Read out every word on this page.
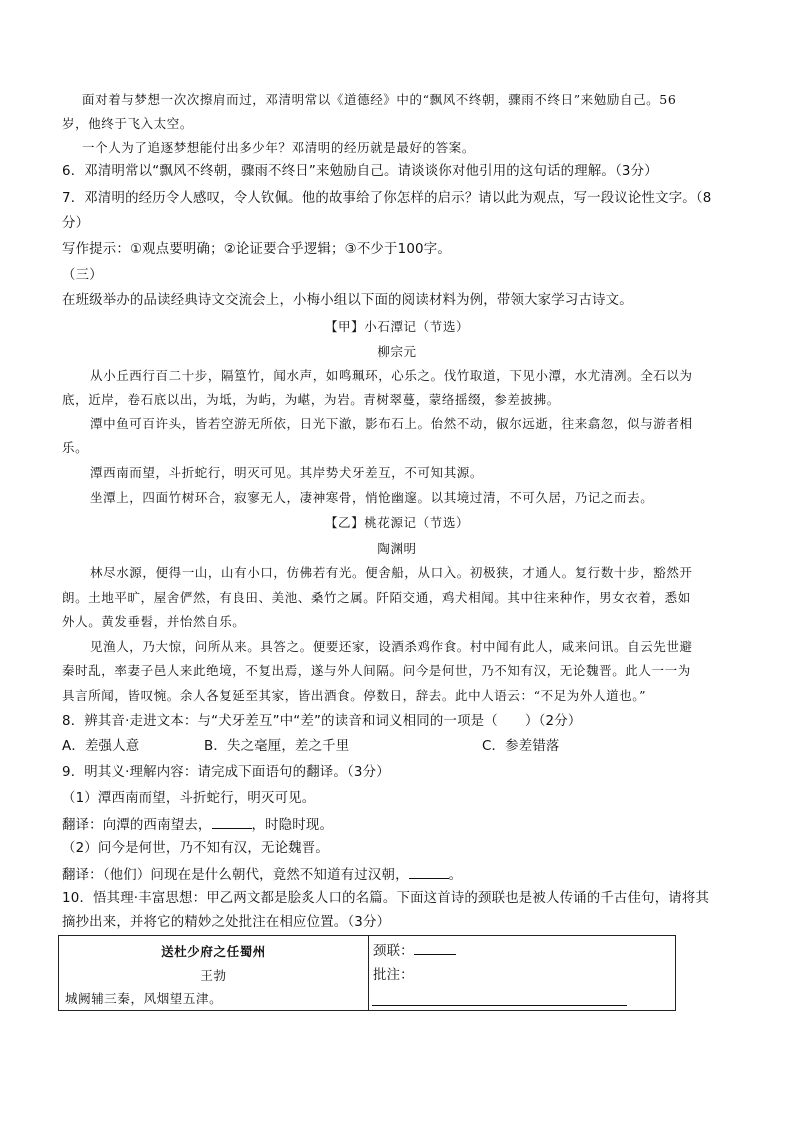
面对着与梦想一次次擦肩而过，邓清明常以《道德经》中的“飘风不终朝，骤雨不终日”来勉励自己。56
岁，他终于飞入太空。
一个人为了追逐梦想能付出多少年？邓清明的经历就是最好的答案。
6．邓清明常以“飘风不终朝，骤雨不终日”来勉励自己。请谈谈你对他引用的这句话的理解。（3分）
7．邓清明的经历令人感叹，令人钦佩。他的故事给了你怎样的启示？请以此为观点，写一段议论性文字。（8
分）
写作提示：①观点要明确；②论证要合乎逻辑；③不少于100字。
（三）
在班级举办的品读经典诗文交流会上，小梅小组以下面的阅读材料为例，带领大家学习古诗文。
【甲】小石潭记（节选）
柳宗元
从小丘西行百二十步，隔篁竹，闻水声，如鸣珮环，心乐之。伐竹取道，下见小潭，水尤清冽。全石以为
底，近岸，卷石底以出，为坻，为屿，为嵁，为岩。青树翠蔓，蒙络摇缀，参差披拂。
潭中鱼可百许头，皆若空游无所依，日光下澈，影布石上。佁然不动，俶尔远逝，往来翕忽，似与游者相
乐。
潭西南而望，斗折蛇行，明灭可见。其岸势犬牙差互，不可知其源。
坐潭上，四面竹树环合，寂寥无人，凄神寒骨，悄怆幽邃。以其境过清，不可久居，乃记之而去。
【乙】桃花源记（节选）
陶渊明
林尽水源，便得一山，山有小口，仿佛若有光。便舍船，从口入。初极狭，才通人。复行数十步，豁然开
朗。土地平旷，屋舍俨然，有良田、美池、桑竹之属。阡陌交通，鸡犬相闻。其中往来种作，男女衣着，悉如
外人。黄发垂髫，并怡然自乐。
见渔人，乃大惊，问所从来。具答之。便要还家，设酒杀鸡作食。村中闻有此人，咸来问讯。自云先世避
秦时乱，率妻子邑人来此绝境，不复出焉，遂与外人间隔。问今是何世，乃不知有汉，无论魏晋。此人一一为
具言所闻，皆叹惋。余人各复延至其家，皆出酒食。停数日，辞去。此中人语云：“不足为外人道也。”
8．辨其音·走进文本：与“犬牙差互”中“差”的读音和词义相同的一项是（　　）（2分）
A．差强人意	B．失之毫厘，差之千里	C．参差错落
9．明其义·理解内容：请完成下面语句的翻译。（3分）
（1）潭西南而望，斗折蛇行，明灭可见。
翻译：向潭的西南望去，	，时隐时现。
（2）问今是何世，乃不知有汉，无论魏晋。
翻译：（他们）问现在是什么朝代，竟然不知道有过汉朝，	。
10．悟其理·丰富思想：甲乙两文都是脍炙人口的名篇。下面这首诗的颈联也是被人传诵的千古佳句，请将其
摘抄出来，并将它的精妙之处批注在相应位置。（3分）
送杜少府之任蜀州
王勃
城阙辅三秦，风烟望五津。
颈联：
批注：
